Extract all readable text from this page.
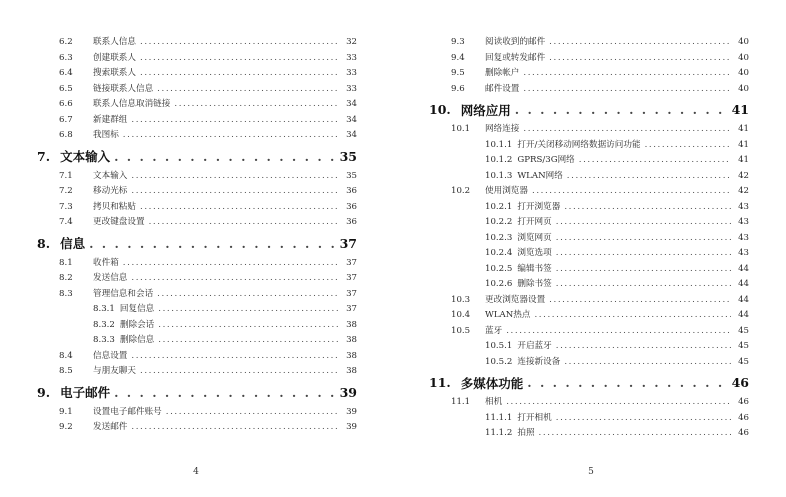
6.2	联系人信息 .....	32
6.3	创建联系人 .....	33
6.4	搜索联系人 .....	33
6.5	链接联系人信息 .....	33
6.6	联系人信息取消链接 .....	34
6.7	新建群组 .....	34
6.8	我图标 .....	34
7. 文本输入 . . .	35
7.1	文本输入 .....	35
7.2	移动光标 .....	36
7.3	拷贝和粘贴 .....	36
7.4	更改键盘设置 .....	36
8. 信息 . . .	37
8.1	收件箱 .....	37
8.2	发送信息 .....	37
8.3	管理信息和会话 .....	37
8.3.1 回复信息 .....	37
8.3.2 删除会话 .....	38
8.3.3 删除信息 .....	38
8.4	信息设置 .....	38
8.5	与朋友聊天 .....	38
9. 电子邮件 . . .	39
9.1	设置电子邮件账号 .....	39
9.2	发送邮件 .....	39
4
9.3	阅读收到的邮件 .....	40
9.4	回复或转发邮件 .....	40
9.5	删除帐户 .....	40
9.6	邮件设置 .....	40
10. 网络应用 . . .	41
10.1	网络连接 .....	41
10.1.1 打开/关闭移动网络数据访问功能 .....	41
10.1.2 GPRS/3G网络 .....	41
10.1.3 WLAN网络 .....	42
10.2	使用浏览器 .....	42
10.2.1 打开浏览器 .....	43
10.2.2 打开网页 .....	43
10.2.3 浏览网页 .....	43
10.2.4 浏览选项 .....	43
10.2.5 编辑书签 .....	44
10.2.6 删除书签 .....	44
10.3	更改浏览器设置 .....	44
10.4	WLAN热点 .....	44
10.5	蓝牙 .....	45
10.5.1 开启蓝牙 .....	45
10.5.2 连接新设备 .....	45
11. 多媒体功能 . . .	46
11.1	相机 .....	46
11.1.1 打开相机 .....	46
11.1.2 拍照 .....	46
5
